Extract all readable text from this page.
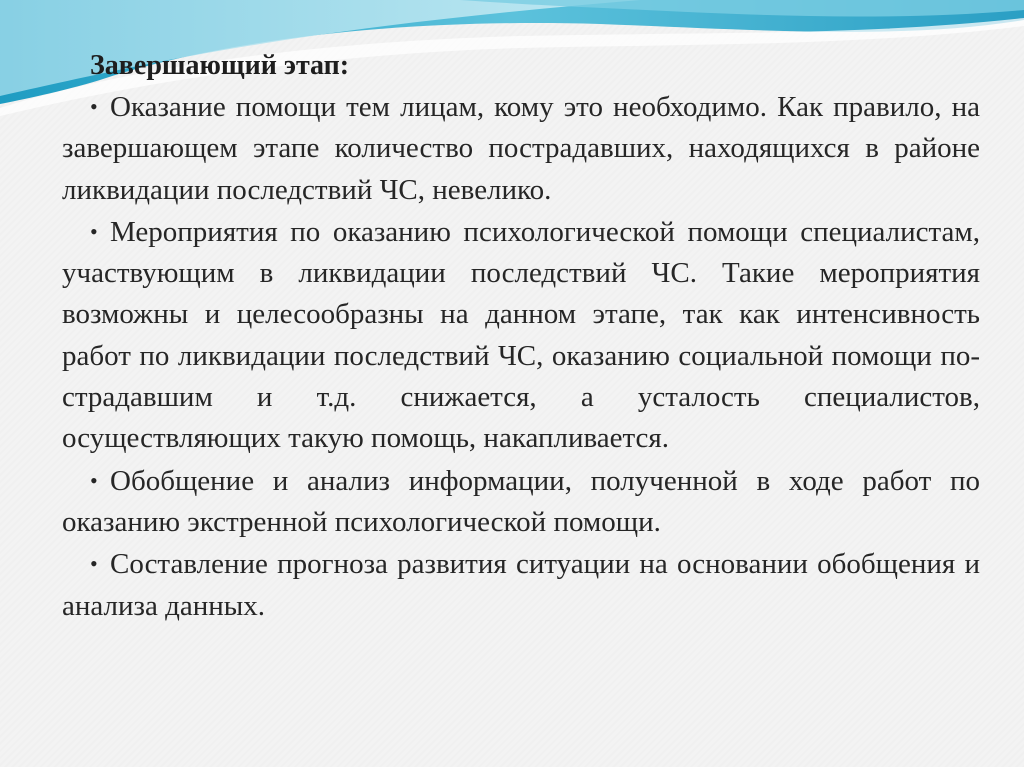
Завершающий этап:
• Оказание помощи тем лицам, кому это необходимо. Как правило, на завершающем этапе количество пострадавших, находящихся в районе ликвидации последствий ЧС, невелико.
• Мероприятия по оказанию психологической помощи специалистам, участвующим в ликвидации последствий ЧС. Такие мероприятия возможны и целесообразны на данном этапе, так как интенсивность работ по ликвидации последствий ЧС, оказанию социальной помощи по-страдавшим и т.д. снижается, а усталость специалистов, осуществляющих такую помощь, накапливается.
• Обобщение и анализ информации, полученной в ходе работ по оказанию экстренной психологической помощи.
• Составление прогноза развития ситуации на основании обобщения и анализа данных.
